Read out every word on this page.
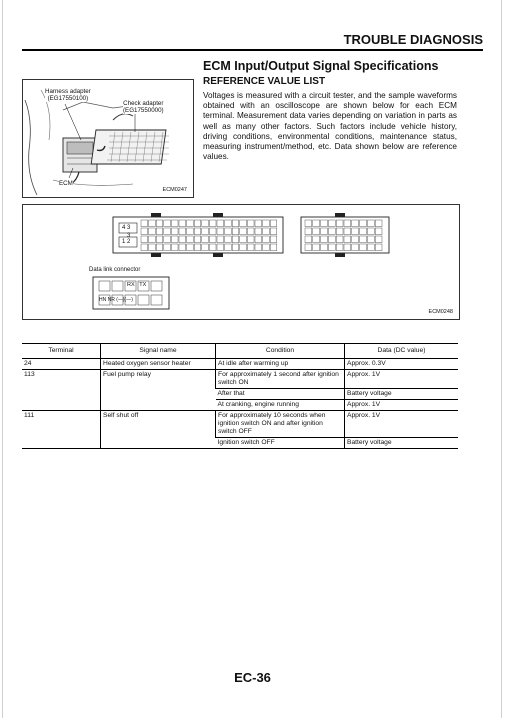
TROUBLE DIAGNOSIS
Harness adapter
(EG17550100)
Check adapter
(EG17550000)
ECM
ECM0247
ECM Input/Output Signal Specifications
REFERENCE VALUE LIST
Voltages is measured with a circuit tester, and the sample waveforms obtained with an oscilloscope are shown below for each ECM terminal. Measurement data varies depending on variation in parts as well as many other factors. Such factors include vehicle history, driving conditions, environmental conditions, maintenance status, measuring instrument/method, etc. Data shown below are reference values.
4 3
3
1 2
Data link connector
RX TX
HN NR (—)(—)
ECM0248
Terminal	Signal name	Condition	Data (DC value)
24	Heated oxygen sensor heater	At idle after warming up	Approx. 0.3V
113	Fuel pump relay	For approximately 1 second after ignition switch ON	Approx. 1V
		After that	Battery voltage
		At cranking, engine running	Approx. 1V
111	Self shut off	For approximately 10 seconds when ignition switch ON and after ignition switch OFF	Approx. 1V
		Ignition switch OFF	Battery voltage
EC-36
